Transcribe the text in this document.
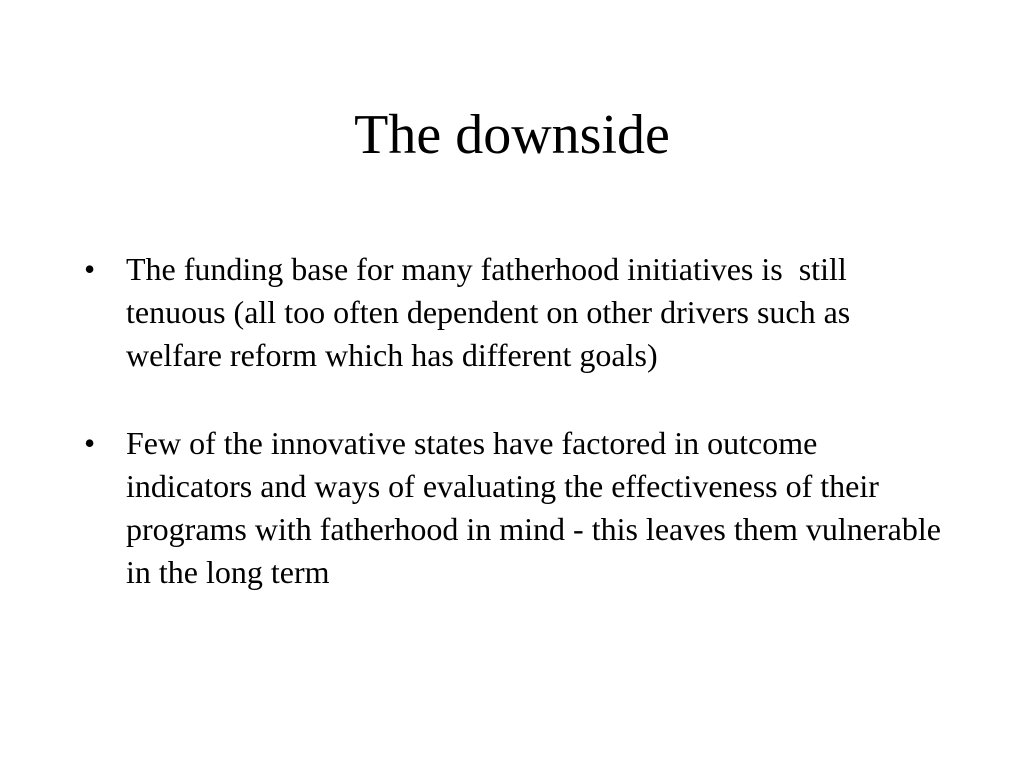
The downside
• The funding base for many fatherhood initiatives is  still tenuous (all too often dependent on other drivers such as welfare reform which has different goals)
• Few of the innovative states have factored in outcome indicators and ways of evaluating the effectiveness of their programs with fatherhood in mind - this leaves them vulnerable in the long term
